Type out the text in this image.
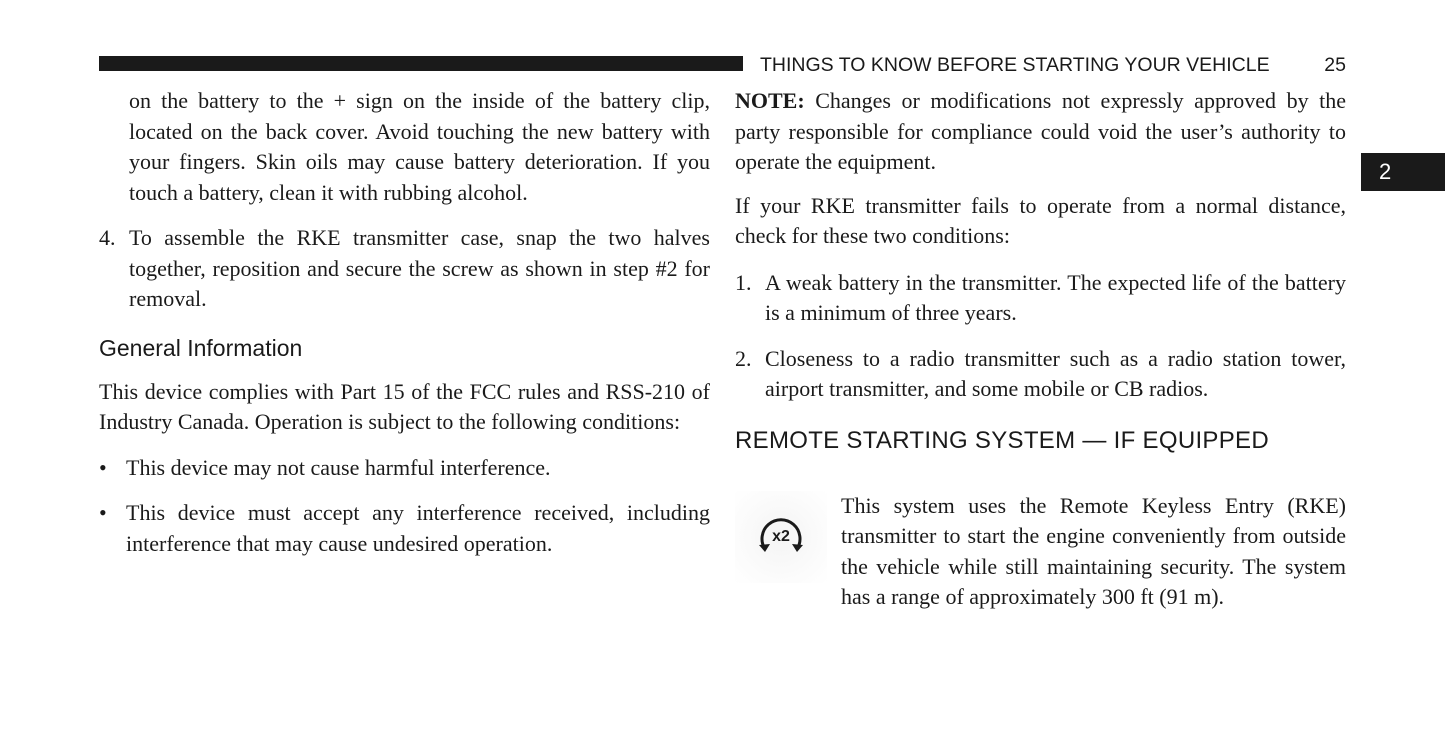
THINGS TO KNOW BEFORE STARTING YOUR VEHICLE	25
2

on the battery to the + sign on the inside of the battery clip, located on the back cover. Avoid touching the new battery with your fingers. Skin oils may cause battery deterioration. If you touch a battery, clean it with rubbing alcohol.

4. To assemble the RKE transmitter case, snap the two halves together, reposition and secure the screw as shown in step #2 for removal.

General Information

This device complies with Part 15 of the FCC rules and RSS-210 of Industry Canada. Operation is subject to the following conditions:

• This device may not cause harmful interference.
• This device must accept any interference received, including interference that may cause undesired operation.

NOTE: Changes or modifications not expressly approved by the party responsible for compliance could void the user’s authority to operate the equipment.

If your RKE transmitter fails to operate from a normal distance, check for these two conditions:

1. A weak battery in the transmitter. The expected life of the battery is a minimum of three years.
2. Closeness to a radio transmitter such as a radio station tower, airport transmitter, and some mobile or CB radios.

REMOTE STARTING SYSTEM — IF EQUIPPED

x2

This system uses the Remote Keyless Entry (RKE) transmitter to start the engine conveniently from outside the vehicle while still maintaining security. The system has a range of approximately 300 ft (91 m).
